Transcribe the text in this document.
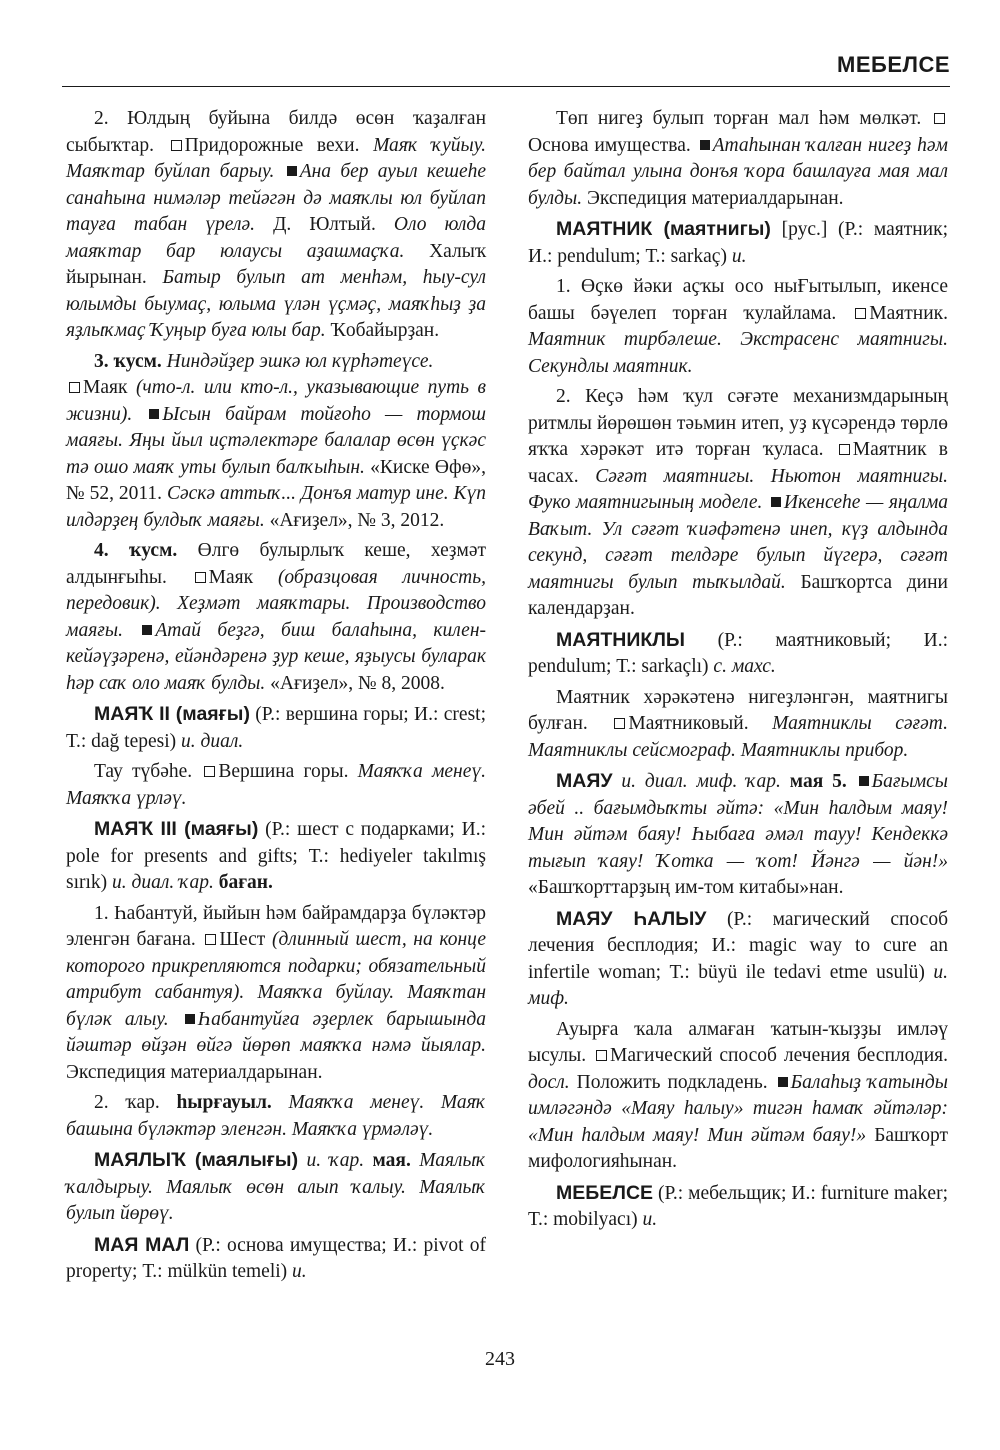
МЕБЕЛСЕ

2. Юлдың буйына билдә өсөн ҡаҙалған сыбыҡтар. Придорожные вехи. Маяҡ ҡуйыу. Маяҡтар буйлап барыу. Ана бер ауыл кешеһе санаһына нимәләр тейәгән дә маяҡлы юл буйлап тауға табан үрелә. Д. Юлтый. Оло юлда маяҡтар бар юлаусы аҙашмаҫҡа. Халыҡ йырынан. Батыр булып ат менһәм, һыу-сул юлымды быумаҫ, юлыма үлән үҫмәҫ, маяҡһыҙ ҙа яҙлыҡмаҫ Ҡуңыр буға юлы бар. Ҡобайырҙан.

3. ҡусм. Ниндәйҙер эшкә юл күрһәтеүсе.
Маяк (что-л. или кто-л., указывающие путь в жизни). Ысын байрам тойғоһо — тормош маяғы. Яңы йыл иҫтәлектәре балалар өсөн үҫкәс тә ошо маяҡ уты булып балҡыһын. «Киске Өфө», № 52, 2011. Сәскә аттыҡ... Донъя матур ине. Күп илдәрҙең булдыҡ маяғы. «Ағиҙел», № 3, 2012.

4. ҡусм. Өлгө булырлыҡ кеше, хеҙмәт алдынғыһы. Маяк (образцовая личность, передовик). Хеҙмәт маяҡтары. Производство маяғы. Атай беҙгә, биш балаһына, килен-кейәүҙәренә, ейәндәренә ҙур кеше, яҙыусы буларак һәр саҡ оло маяҡ булды. «Ағиҙел», № 8, 2008.

МАЯҠ II (маяғы) (Р.: вершина горы; И.: crest; Т.: dağ tepesi) и. диал.

Тау түбәһе. Вершина горы. Маяҡҡа менеү. Маяҡҡа үрләү.

МАЯҠ III (маяғы) (Р.: шест с подарками; И.: pole for presents and gifts; Т.: hediyeler takılmış sırık) и. диал. ҡар. баған.

1. Һабантуй, йыйын һәм байрамдарҙа бүләктәр эленгән бағана. Шест (длинный шест, на конце которого прикрепляются подарки; обязательный атрибут сабантуя). Маяҡҡа буйлау. Маяҡтан бүләк алыу. Һабантуйға әҙерлек барышында йәштәр өйҙән өйгә йөрөп маяҡҡа нәмә йыялар. Экспедиция материалдарынан.

2. ҡар. һырғауыл. Маяҡҡа менеү. Маяҡ башына бүләктәр эленгән. Маяҡҡа үрмәләү.

МАЯЛЫҠ (маялығы) и. ҡар. мая. Маялыҡ ҡалдырыу. Маялыҡ өсөн алып ҡалыу. Маялыҡ булып йөрөү.

МАЯ МАЛ (Р.: основа имущества; И.: pivot of property; Т.: mülkün temeli) и.

Төп нигеҙ булып торған мал һәм мөлкәт. Основа имущества. Атаһынан ҡалған нигеҙ һәм бер байтал улына донъя ҡора башлауға мая мал булды. Экспедиция материалдарынан.

МАЯТНИК (маятнигы) [рус.] (Р.: маятник; И.: pendulum; Т.: sarkaç) и.

1. Өҫкө йәки аҫҡы осо ныҒытылып, икенсе башы бәүелеп торған ҡулайлама. Маятник. Маятник тирбәлеше. Экстрасенс маятнигы. Секундлы маятник.

2. Кеҫә һәм ҡул сәғәте механизмдарының ритмлы йөрөшөн тәьмин итеп, уҙ күсәрендә төрлө яҡҡа хәрәкәт итә торған ҡуласа. Маятник в часах. Сәғәт маятнигы. Ньютон маятнигы. Фуко маятнигының моделе. Икенсеһе — яңалма Ваҡыт. Ул сәғәт ҡиәфәтенә инеп, күҙ алдында секунд, сәғәт телдәре булып йүгерә, сәғәт маятнигы булып тыҡылдай. Башҡортса дини календарҙан.

МАЯТНИКЛЫ (Р.: маятниковый; И.: pendulum; Т.: sarkaçlı) с. махс.

Маятник хәрәкәтенә нигеҙләнгән, маятнигы булған. Маятниковый. Маятниклы сәғәт. Маятниклы сейсмограф. Маятниклы прибор.

МАЯУ и. диал. миф. ҡар. мая 5. Бағымсы әбей .. бағымдыҡты әйтә: «Мин һалдым маяу! Мин әйтәм баяу! Һыбаға әмәл тауу! Кендеккә тығып ҡаяу! Ҡотка — ҡот! Йәнгә — йән!» «Башҡорттарҙың им-том китабы»нан.

МАЯУ ҺАЛЫУ (Р.: магический способ лечения бесплодия; И.: magic way to cure an infertile woman; Т.: büyü ile tedavi etme usulü) и. миф.

Ауырға ҡала алмаған ҡатын-ҡыҙҙы имләү ысулы. Магический способ лечения бесплодия. досл. Положить подкладень. Балаһыҙ ҡатынды имләгәндә «Маяу һалыу» тигән һамаҡ әйтәләр: «Мин һалдым маяу! Мин әйтәм баяу!» Башҡорт мифологияһынан.

МЕБЕЛСЕ (Р.: мебельщик; И.: furniture maker; Т.: mobilyacı) и.

243
